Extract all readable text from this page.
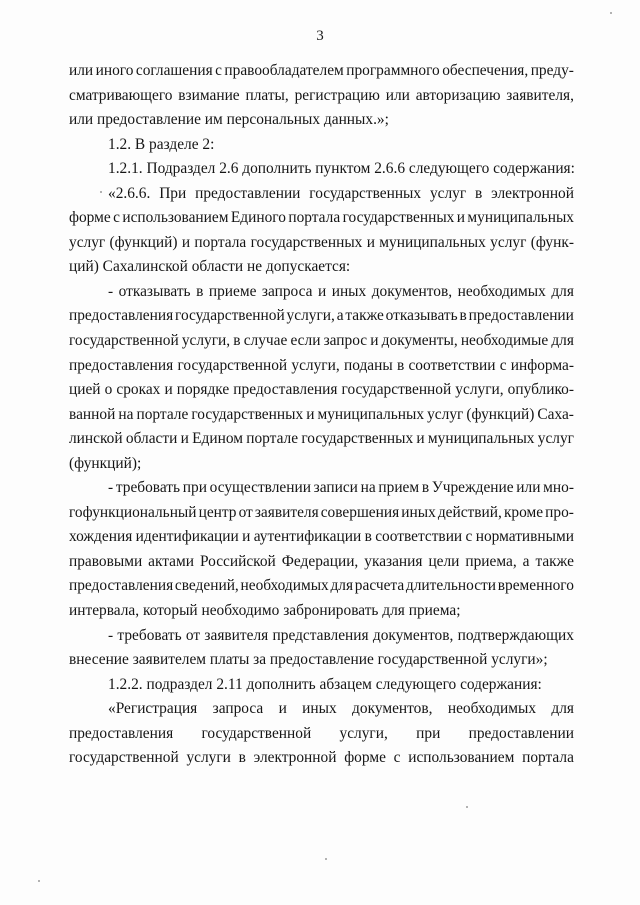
3
или иного соглашения с правообладателем программного обеспечения, преду-
сматривающего взимание платы, регистрацию или авторизацию заявителя,
или предоставление им персональных данных.»;
1.2. В разделе 2:
1.2.1. Подраздел 2.6 дополнить пунктом 2.6.6 следующего содержания:
«2.6.6. При предоставлении государственных услуг в электронной
форме с использованием Единого портала государственных и муниципальных
услуг (функций) и портала государственных и муниципальных услуг (функ-
ций) Сахалинской области не допускается:
- отказывать в приеме запроса и иных документов, необходимых для
предоставления государственной услуги, а также отказывать в предоставлении
государственной услуги, в случае если запрос и документы, необходимые для
предоставления государственной услуги, поданы в соответствии с информа-
цией о сроках и порядке предоставления государственной услуги, опублико-
ванной на портале государственных и муниципальных услуг (функций) Саха-
линской области и Едином портале государственных и муниципальных услуг
(функций);
- требовать при осуществлении записи на прием в Учреждение или мно-
гофункциональный центр от заявителя совершения иных действий, кроме про-
хождения идентификации и аутентификации в соответствии с нормативными
правовыми актами Российской Федерации, указания цели приема, а также
предоставления сведений, необходимых для расчета длительности временного
интервала, который необходимо забронировать для приема;
- требовать от заявителя представления документов, подтверждающих
внесение заявителем платы за предоставление государственной услуги»;
1.2.2. подраздел 2.11 дополнить абзацем следующего содержания:
«Регистрация запроса и иных документов, необходимых для
предоставления государственной услуги, при предоставлении
государственной услуги в электронной форме с использованием портала
